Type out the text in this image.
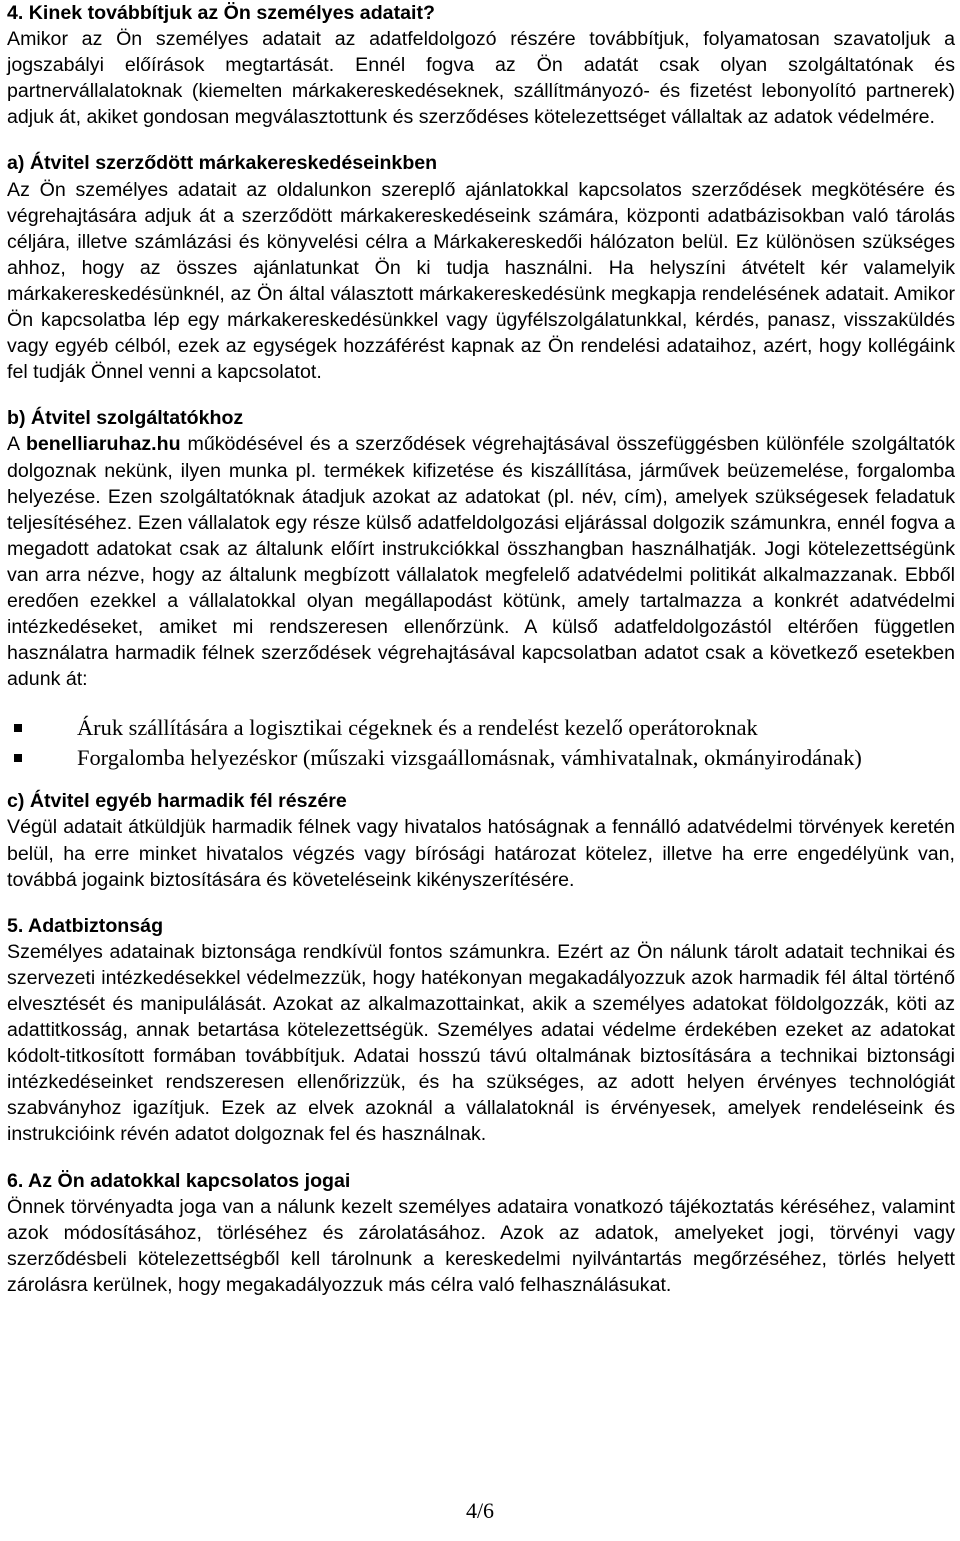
4. Kinek továbbítjuk az Ön személyes adatait?

Amikor az Ön személyes adatait az adatfeldolgozó részére továbbítjuk, folyamatosan szavatoljuk a jogszabályi előírások megtartását. Ennél fogva az Ön adatát csak olyan szolgáltatónak és partnervállalatoknak (kiemelten márkakereskedéseknek, szállítmányozó- és fizetést lebonyolító partnerek) adjuk át, akiket gondosan megválasztottunk és szerződéses kötelezettséget vállaltak az adatok védelmére.

a) Átvitel szerződött márkakereskedéseinkben

Az Ön személyes adatait az oldalunkon szereplő ajánlatokkal kapcsolatos szerződések megkötésére és végrehajtására adjuk át a szerződött márkakereskedéseink számára, központi adatbázisokban való tárolás céljára, illetve számlázási és könyvelési célra a Márkakereskedői hálózaton belül. Ez különösen szükséges ahhoz, hogy az összes ajánlatunkat Ön ki tudja használni. Ha helyszíni átvételt kér valamelyik márkakereskedésünknél, az Ön által választott márkakereskedésünk megkapja rendelésének adatait. Amikor Ön kapcsolatba lép egy márkakereskedésünkkel vagy ügyfélszolgálatunkkal, kérdés, panasz, visszaküldés vagy egyéb célból, ezek az egységek hozzáférést kapnak az Ön rendelési adataihoz, azért, hogy kollégáink fel tudják Önnel venni a kapcsolatot.

b) Átvitel szolgáltatókhoz

A benelliaruhaz.hu működésével és a szerződések végrehajtásával összefüggésben különféle szolgáltatók dolgoznak nekünk, ilyen munka pl. termékek kifizetése és kiszállítása, járművek beüzemelése, forgalomba helyezése. Ezen szolgáltatóknak átadjuk azokat az adatokat (pl. név, cím), amelyek szükségesek feladatuk teljesítéséhez. Ezen vállalatok egy része külső adatfeldolgozási eljárással dolgozik számunkra, ennél fogva a megadott adatokat csak az általunk előírt instrukciókkal összhangban használhatják. Jogi kötelezettségünk van arra nézve, hogy az általunk megbízott vállalatok megfelelő adatvédelmi politikát alkalmazzanak. Ebből eredően ezekkel a vállalatokkal olyan megállapodást kötünk, amely tartalmazza a konkrét adatvédelmi intézkedéseket, amiket mi rendszeresen ellenőrzünk. A külső adatfeldolgozástól eltérően független használatra harmadik félnek szerződések végrehajtásával kapcsolatban adatot csak a következő esetekben adunk át:

Áruk szállítására a logisztikai cégeknek és a rendelést kezelő operátoroknak
Forgalomba helyezéskor (műszaki vizsgaállomásnak, vámhivatalnak, okmányirodának)

c) Átvitel egyéb harmadik fél részére

Végül adatait átküldjük harmadik félnek vagy hivatalos hatóságnak a fennálló adatvédelmi törvények keretén belül, ha erre minket hivatalos végzés vagy bírósági határozat kötelez, illetve ha erre engedélyünk van, továbbá jogaink biztosítására és követeléseink kikényszerítésére.

5. Adatbiztonság

Személyes adatainak biztonsága rendkívül fontos számunkra. Ezért az Ön nálunk tárolt adatait technikai és szervezeti intézkedésekkel védelmezzük, hogy hatékonyan megakadályozzuk azok harmadik fél által történő elvesztését és manipulálását. Azokat az alkalmazottainkat, akik a személyes adatokat földolgozzák, köti az adattitkosság, annak betartása kötelezettségük. Személyes adatai védelme érdekében ezeket az adatokat kódolt-titkosított formában továbbítjuk. Adatai hosszú távú oltalmának biztosítására a technikai biztonsági intézkedéseinket rendszeresen ellenőrizzük, és ha szükséges, az adott helyen érvényes technológiát szabványhoz igazítjuk. Ezek az elvek azoknál a vállalatoknál is érvényesek, amelyek rendeléseink és instrukcióink révén adatot dolgoznak fel és használnak.

6. Az Ön adatokkal kapcsolatos jogai

Önnek törvényadta joga van a nálunk kezelt személyes adataira vonatkozó tájékoztatás kéréséhez, valamint azok módosításához, törléséhez és zárolatásához. Azok az adatok, amelyeket jogi, törvényi vagy szerződésbeli kötelezettségből kell tárolnunk a kereskedelmi nyilvántartás megőrzéséhez, törlés helyett zárolásra kerülnek, hogy megakadályozzuk más célra való felhasználásukat.

4/6
